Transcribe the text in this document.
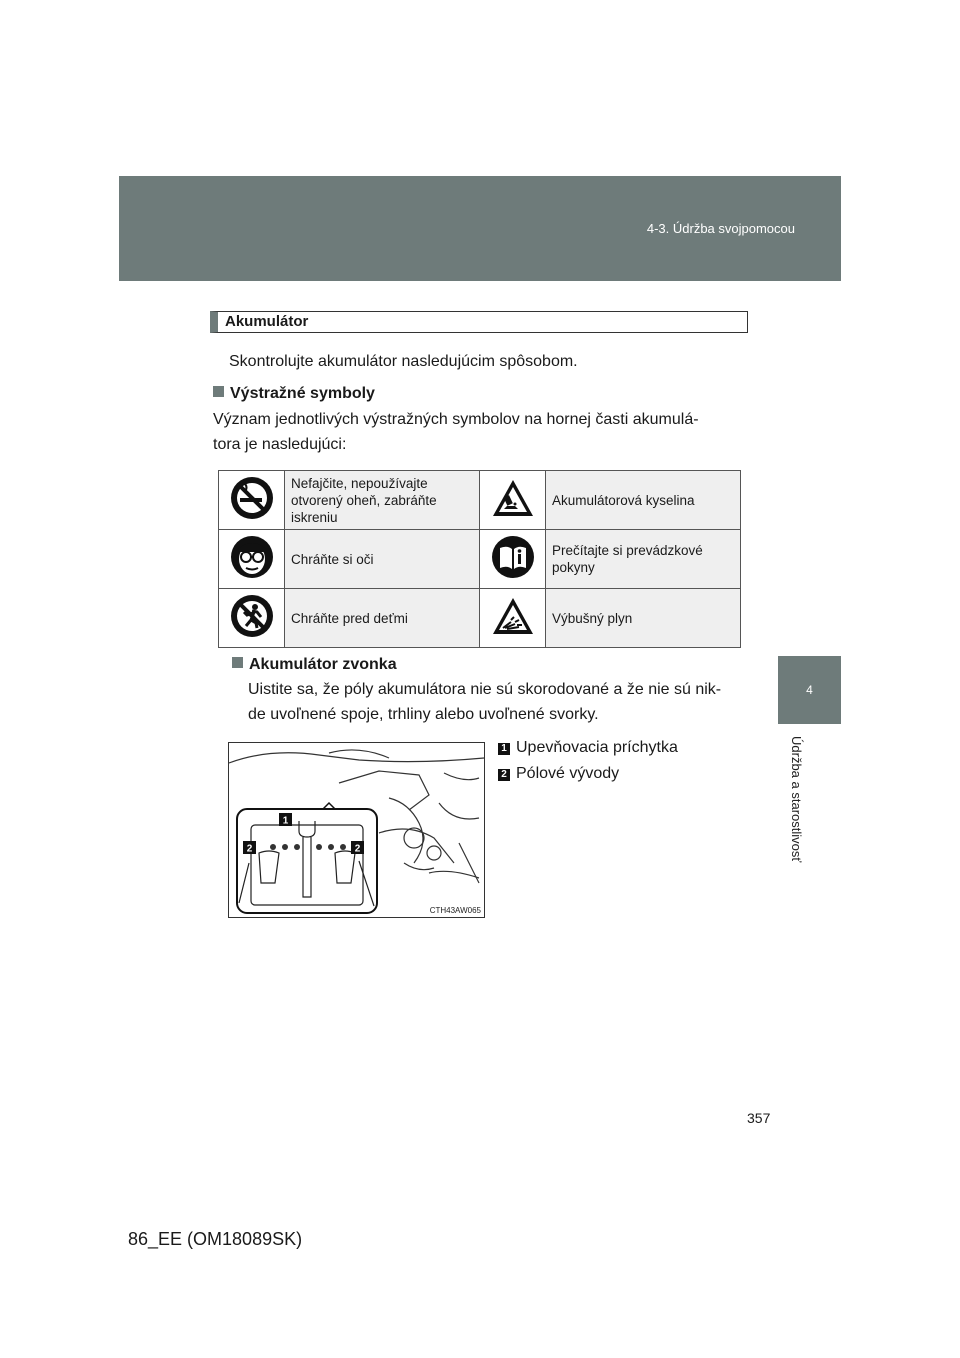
4-3. Údržba svojpomocou
4
Údržba a starostlivosť
Akumulátor
Skontrolujte akumulátor nasledujúcim spôsobom.
Výstražné symboly
Význam jednotlivých výstražných symbolov na hornej časti akumulá-
tora je nasledujúci:
	Nefajčite, nepoužívajte otvorený oheň, zabráňte iskreniu		Akumulátorová kyselina
	Chráňte si oči		Prečítajte si prevádzkové pokyny
	Chráňte pred deťmi		Výbušný plyn
Akumulátor zvonka
Uistite sa, že póly akumulátora nie sú skorodované a že nie sú nik-
de uvoľnené spoje, trhliny alebo uvoľnené svorky.
1
2	2
CTH43AW065
1 Upevňovacia príchytka
2 Pólové vývody
357
86_EE (OM18089SK)
